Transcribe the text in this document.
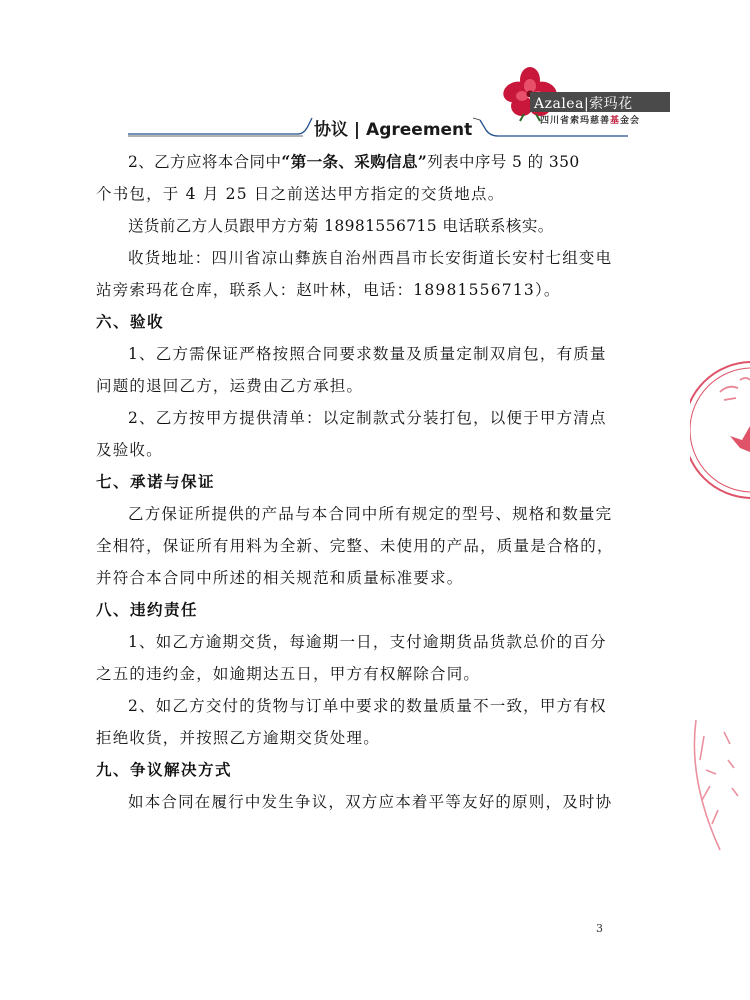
协议 | Agreement
Azalea|索玛花
四川省索玛慈善基金会
2、乙方应将本合同中“第一条、采购信息”列表中序号 5 的 350
个书包，于 4 月 25 日之前送达甲方指定的交货地点。
送货前乙方人员跟甲方方菊 18981556715 电话联系核实。
收货地址：四川省凉山彝族自治州西昌市长安街道长安村七组变电
站旁索玛花仓库，联系人：赵叶林，电话：18981556713）。
六、验收
1、乙方需保证严格按照合同要求数量及质量定制双肩包，有质量
问题的退回乙方，运费由乙方承担。
2、乙方按甲方提供清单：以定制款式分装打包，以便于甲方清点
及验收。
七、承诺与保证
乙方保证所提供的产品与本合同中所有规定的型号、规格和数量完
全相符，保证所有用料为全新、完整、未使用的产品，质量是合格的，
并符合本合同中所述的相关规范和质量标准要求。
八、违约责任
1、如乙方逾期交货，每逾期一日，支付逾期货品货款总价的百分
之五的违约金，如逾期达五日，甲方有权解除合同。
2、如乙方交付的货物与订单中要求的数量质量不一致，甲方有权
拒绝收货，并按照乙方逾期交货处理。
九、争议解决方式
如本合同在履行中发生争议，双方应本着平等友好的原则，及时协
3
